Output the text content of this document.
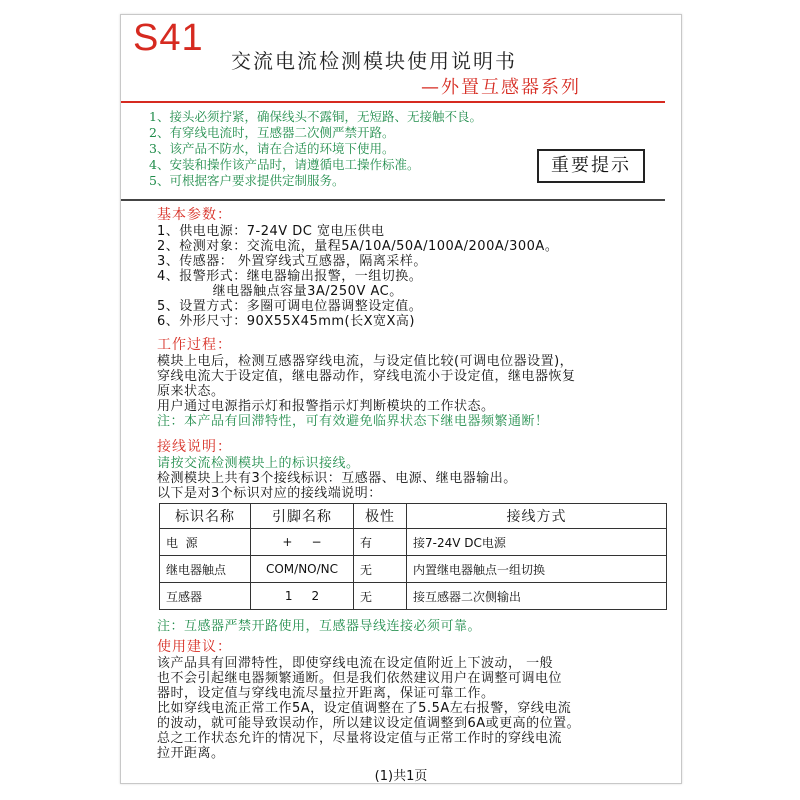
S41
交流电流检测模块使用说明书
—外置互感器系列
1、接头必须拧紧，确保线头不露铜，无短路、无接触不良。
2、有穿线电流时，互感器二次侧严禁开路。
3、该产品不防水，请在合适的环境下使用。
4、安装和操作该产品时，请遵循电工操作标准。
5、可根据客户要求提供定制服务。
重要提示
基本参数：
1、供电电源：7-24V DC 宽电压供电
2、检测对象：交流电流，量程5A/10A/50A/100A/200A/300A。
3、传感器： 外置穿线式互感器，隔离采样。
4、报警形式：继电器输出报警，一组切换。
继电器触点容量3A/250V AC。
5、设置方式：多圈可调电位器调整设定值。
6、外形尺寸：90X55X45mm(长X宽X高)
工作过程：
模块上电后，检测互感器穿线电流，与设定值比较(可调电位器设置)，
穿线电流大于设定值，继电器动作，穿线电流小于设定值，继电器恢复
原来状态。
用户通过电源指示灯和报警指示灯判断模块的工作状态。
注：本产品有回滞特性，可有效避免临界状态下继电器频繁通断！
接线说明：
请按交流检测模块上的标识接线。
检测模块上共有3个接线标识：互感器、电源、继电器输出。
以下是对3个标识对应的接线端说明：
标识名称	引脚名称	极性	接线方式
电  源	+     −	有	接7-24V DC电源
继电器触点	COM/NO/NC	无	内置继电器触点一组切换
互感器	1     2	无	接互感器二次侧输出
注：互感器严禁开路使用，互感器导线连接必须可靠。
使用建议：
该产品具有回滞特性，即使穿线电流在设定值附近上下波动， 一般
也不会引起继电器频繁通断。但是我们依然建议用户在调整可调电位
器时，设定值与穿线电流尽量拉开距离，保证可靠工作。
比如穿线电流正常工作5A，设定值调整在了5.5A左右报警，穿线电流
的波动，就可能导致误动作，所以建议设定值调整到6A或更高的位置。
总之工作状态允许的情况下，尽量将设定值与正常工作时的穿线电流
拉开距离。
(1)共1页
